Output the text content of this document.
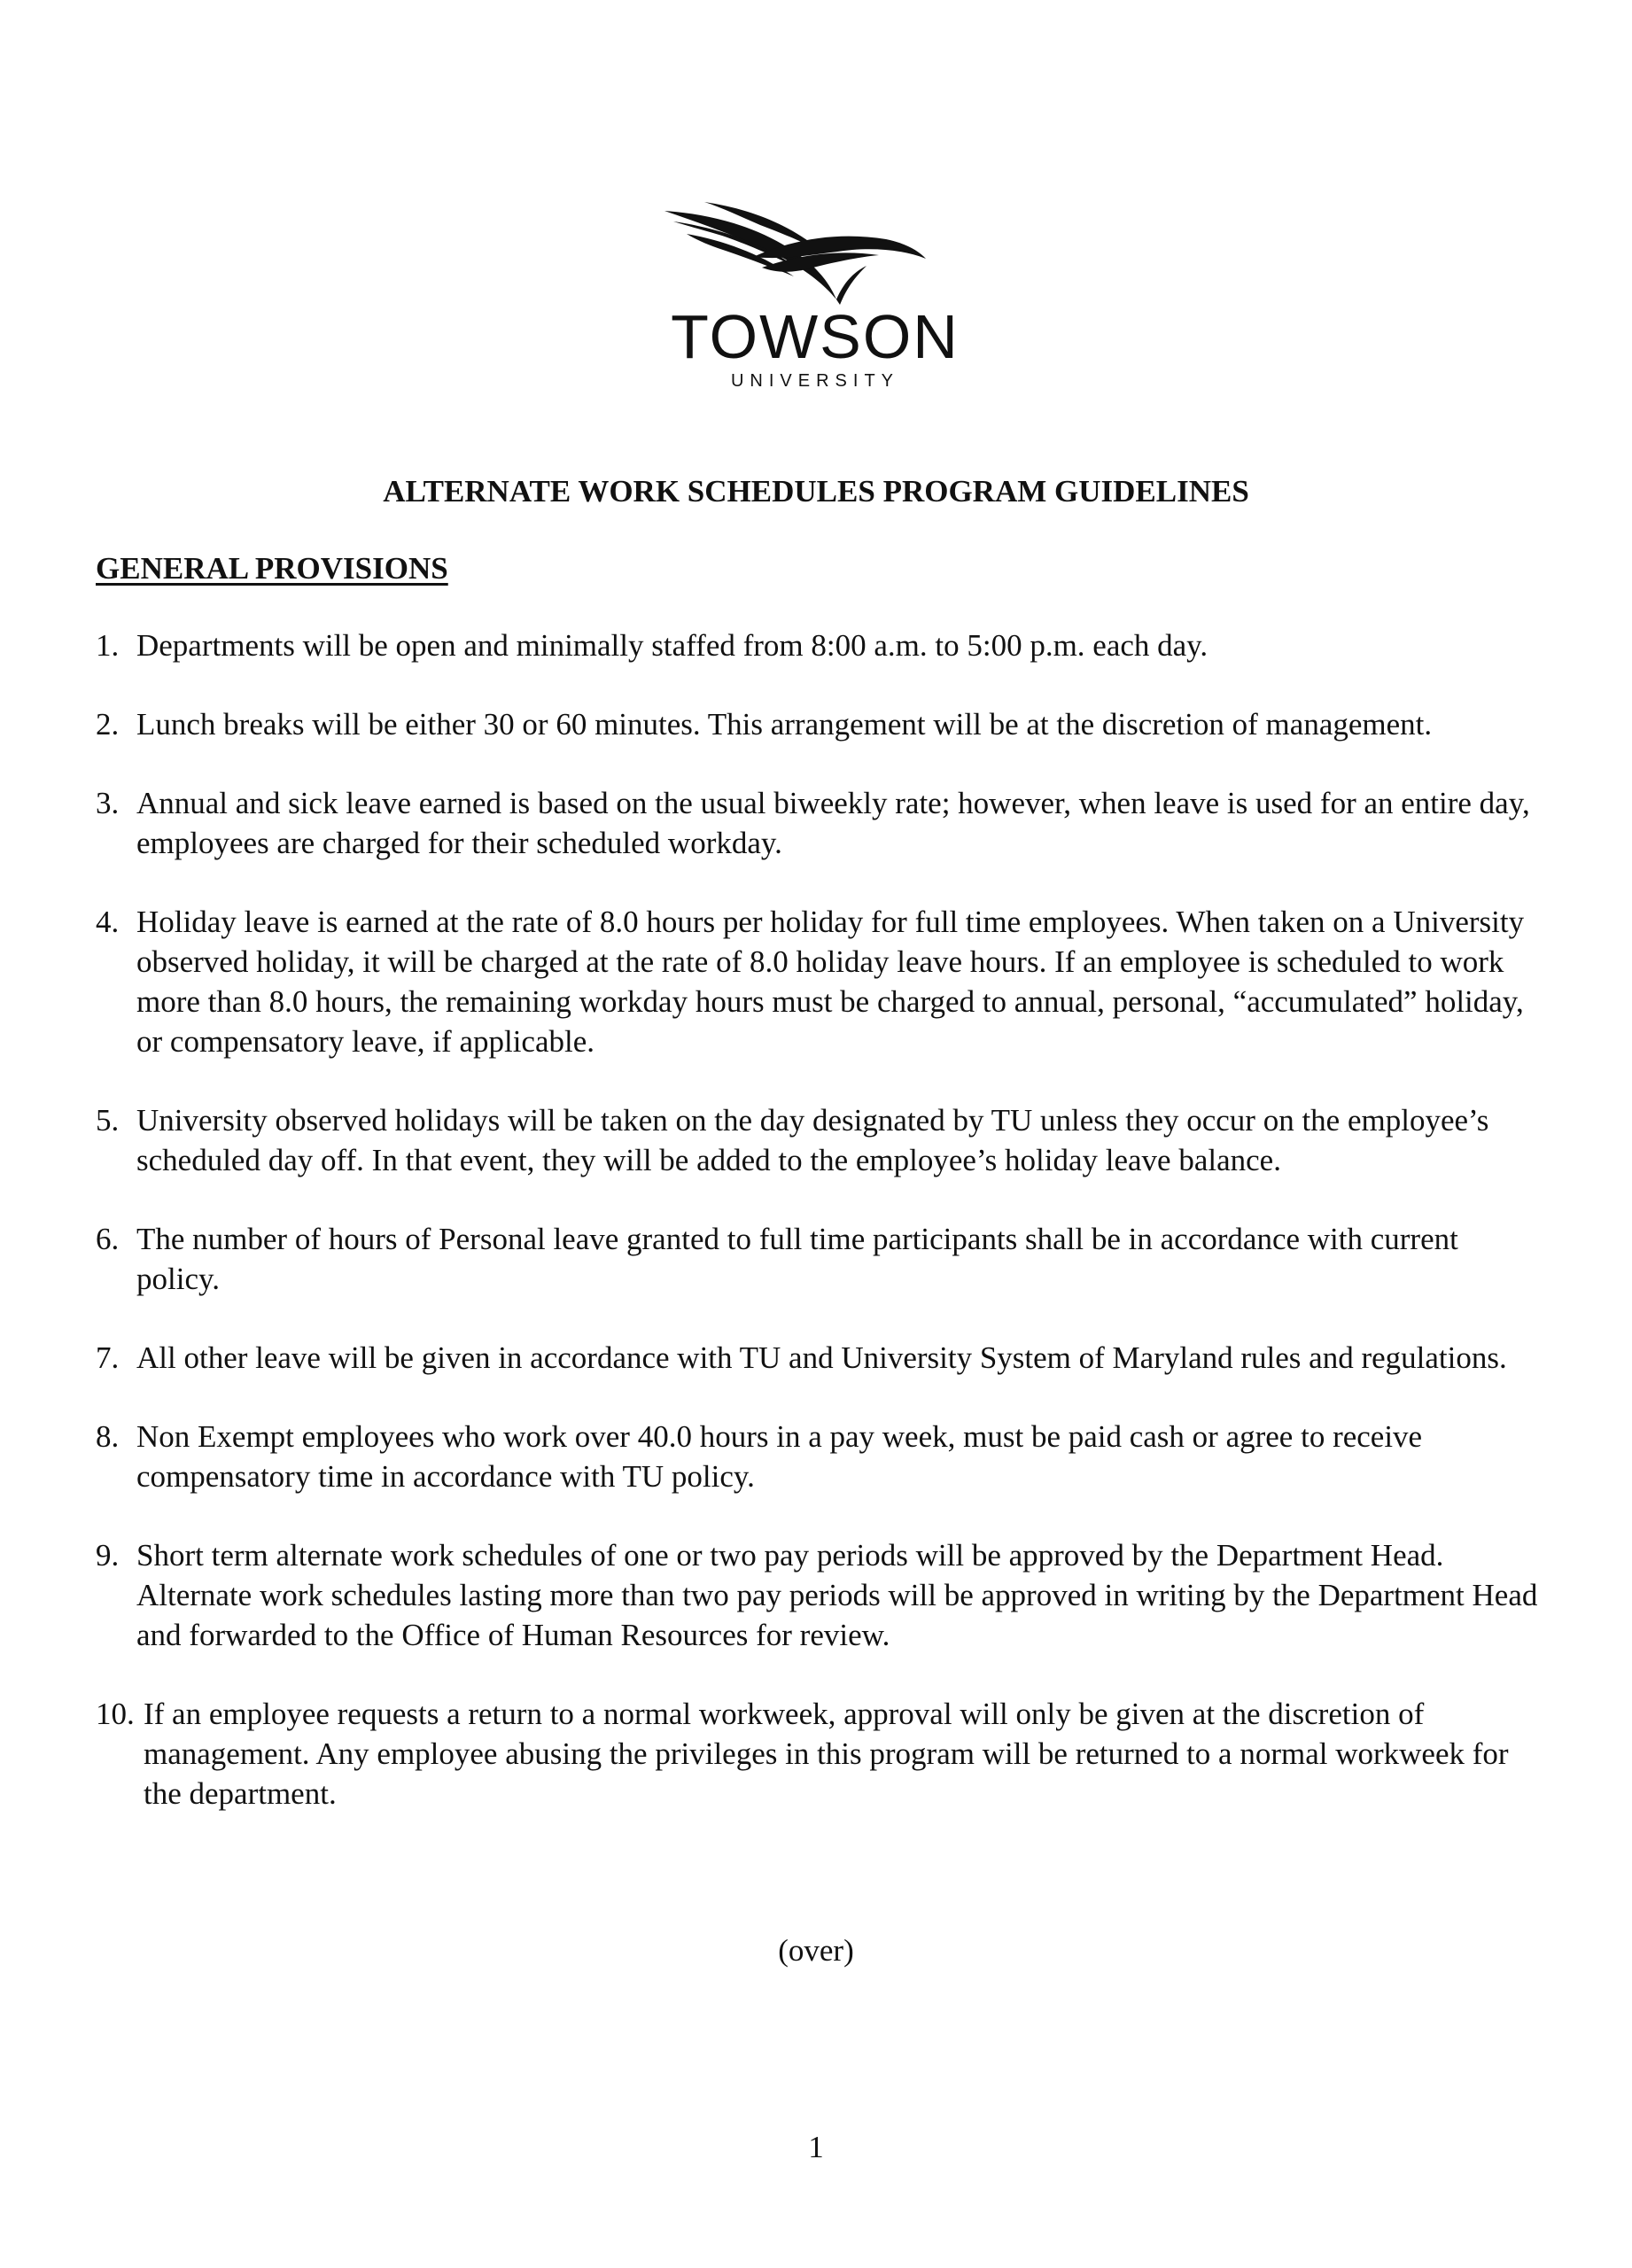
TOWSON
UNIVERSITY
ALTERNATE WORK SCHEDULES PROGRAM GUIDELINES
GENERAL PROVISIONS
1. Departments will be open and minimally staffed from 8:00 a.m. to 5:00 p.m. each day.
2. Lunch breaks will be either 30 or 60 minutes. This arrangement will be at the discretion of management.
3. Annual and sick leave earned is based on the usual biweekly rate; however, when leave is used for an entire day, employees are charged for their scheduled workday.
4. Holiday leave is earned at the rate of 8.0 hours per holiday for full time employees. When taken on a University observed holiday, it will be charged at the rate of 8.0 holiday leave hours. If an employee is scheduled to work more than 8.0 hours, the remaining workday hours must be charged to annual, personal, “accumulated” holiday, or compensatory leave, if applicable.
5. University observed holidays will be taken on the day designated by TU unless they occur on the employee’s scheduled day off. In that event, they will be added to the employee’s holiday leave balance.
6. The number of hours of Personal leave granted to full time participants shall be in accordance with current policy.
7. All other leave will be given in accordance with TU and University System of Maryland rules and regulations.
8. Non Exempt employees who work over 40.0 hours in a pay week, must be paid cash or agree to receive compensatory time in accordance with TU policy.
9. Short term alternate work schedules of one or two pay periods will be approved by the Department Head. Alternate work schedules lasting more than two pay periods will be approved in writing by the Department Head and forwarded to the Office of Human Resources for review.
10. If an employee requests a return to a normal workweek, approval will only be given at the discretion of management. Any employee abusing the privileges in this program will be returned to a normal workweek for the department.
(over)
1
